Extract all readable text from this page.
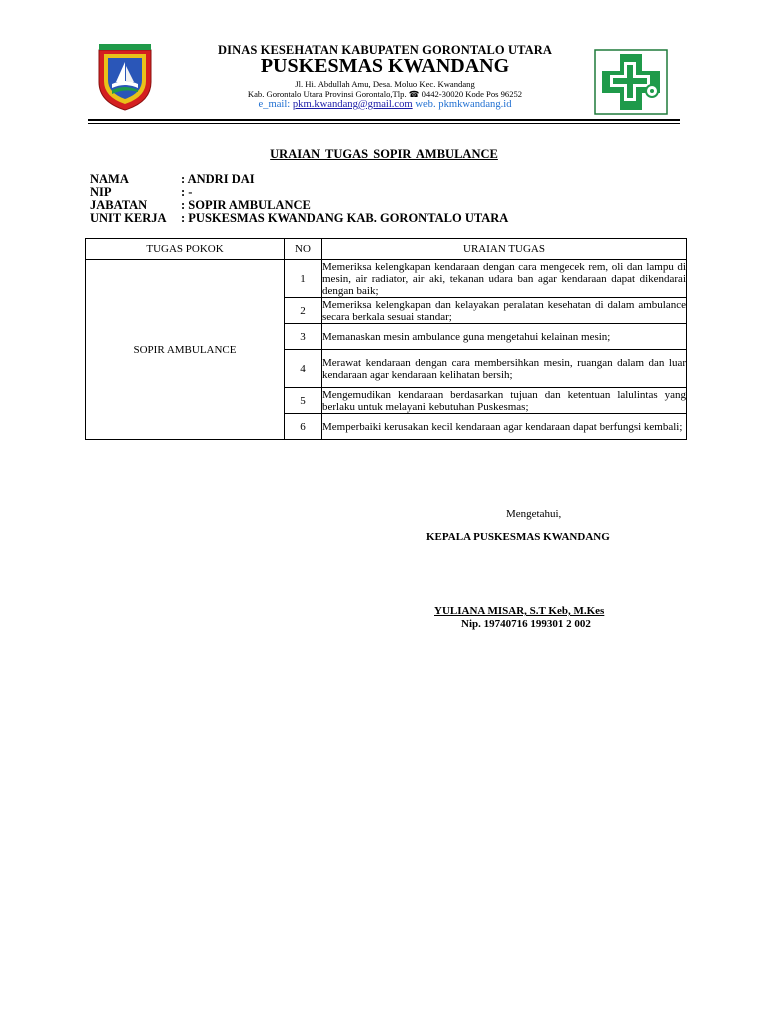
DINAS KESEHATAN KABUPATEN GORONTALO UTARA
PUSKESMAS KWANDANG
Jl. Hi. Abdullah Amu, Desa. Moluo Kec. Kwandang
Kab. Gorontalo Utara Provinsi Gorontalo,Tlp. ☎ 0442-30020 Kode Pos 96252
e_mail: pkm.kwandang@gmail.com web. pkmkwandang.id
URAIAN TUGAS SOPIR AMBULANCE
NAMA	: ANDRI DAI
NIP	: -
JABATAN	: SOPIR AMBULANCE
UNIT KERJA : PUSKESMAS KWANDANG KAB. GORONTALO UTARA
TUGAS POKOK	NO	URAIAN TUGAS
SOPIR AMBULANCE	1	Memeriksa kelengkapan kendaraan dengan cara mengecek rem, oli dan lampu di mesin, air radiator, air aki, tekanan udara ban agar kendaraan dapat dikendarai dengan baik;
	2	Memeriksa kelengkapan dan kelayakan peralatan kesehatan di dalam ambulance secara berkala sesuai standar;
	3	Memanaskan mesin ambulance guna mengetahui kelainan mesin;
	4	Merawat kendaraan dengan cara membersihkan mesin, ruangan dalam dan luar kendaraan agar kendaraan kelihatan bersih;
	5	Mengemudikan kendaraan berdasarkan tujuan dan ketentuan lalulintas yang berlaku untuk melayani kebutuhan Puskesmas;
	6	Memperbaiki kerusakan kecil kendaraan agar kendaraan dapat berfungsi kembali;
Mengetahui,
KEPALA PUSKESMAS KWANDANG
YULIANA MISAR, S.T Keb, M.Kes
Nip. 19740716 199301 2 002
